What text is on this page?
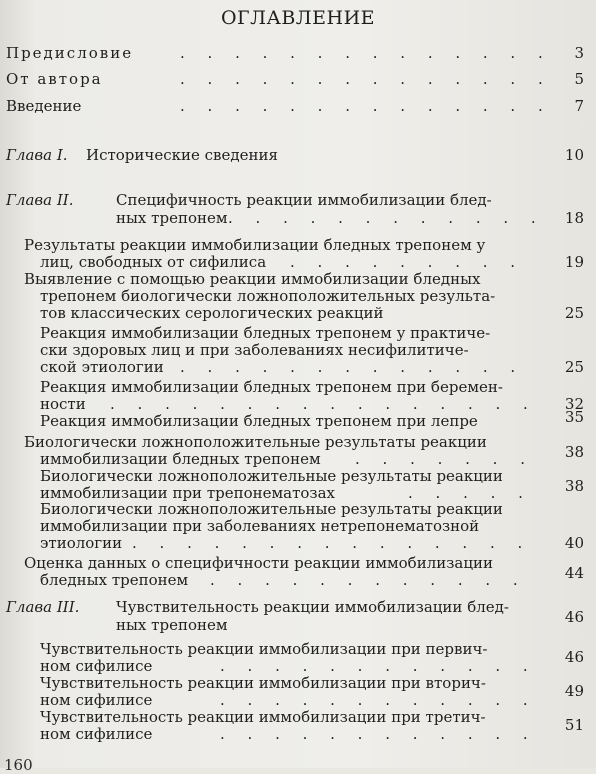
ОГЛАВЛЕНИЕ
Предисловие	. . . . . . . . . . . . . . 3
От автора	. . . . . . . . . . . . . . 5
Введение	. . . . . . . . . . . . . . 7
Глава I. Исторические сведения	10
Глава II.	Специфичность реакции иммобилизации блед-
ных трепонем . . . . . . . . . . . . 18
Результаты реакции иммобилизации бледных трепонем у
лиц, свободных от сифилиса . . . . . . . . .	19
Выявление с помощью реакции иммобилизации бледных
трепонем биологически ложноположительных результа-
тов классических серологических реакций	25
Реакция иммобилизации бледных трепонем у практиче-
ски здоровых лиц и при заболеваниях несифилитиче-
ской этиологии . . . . . . . . . . . . .	25
Реакция иммобилизации бледных трепонем при беремен-
ности . . . . . . . . . . . . . . . . 32
Реакция иммобилизации бледных трепонем при лепре	35
Биологически ложноположительные результаты реакции
иммобилизации бледных трепонем . . . . . . . 38
Биологически ложноположительные результаты реакции
иммобилизации при трепонематозах	. . . . . 38
Биологически ложноположительные результаты реакции
иммобилизации при заболеваниях нетрепонематозной
этиологии . . . . . . . . . . . . . . . 40
Оценка данных о специфичности реакции иммобилизации
бледных трепонем . . . . . . . . . . . .	44
Глава III. Чувствительность реакции иммобилизации блед-
ных трепонем	46
Чувствительность реакции иммобилизации при первич-
ном сифилисе	. . . . . . . . . . . . 46
Чувствительность реакции иммобилизации при вторич-
ном сифилисе	. . . . . . . . . . . . 49
Чувствительность реакции иммобилизации при третич-
ном сифилисе	. . . . . . . . . . . . 51
160
